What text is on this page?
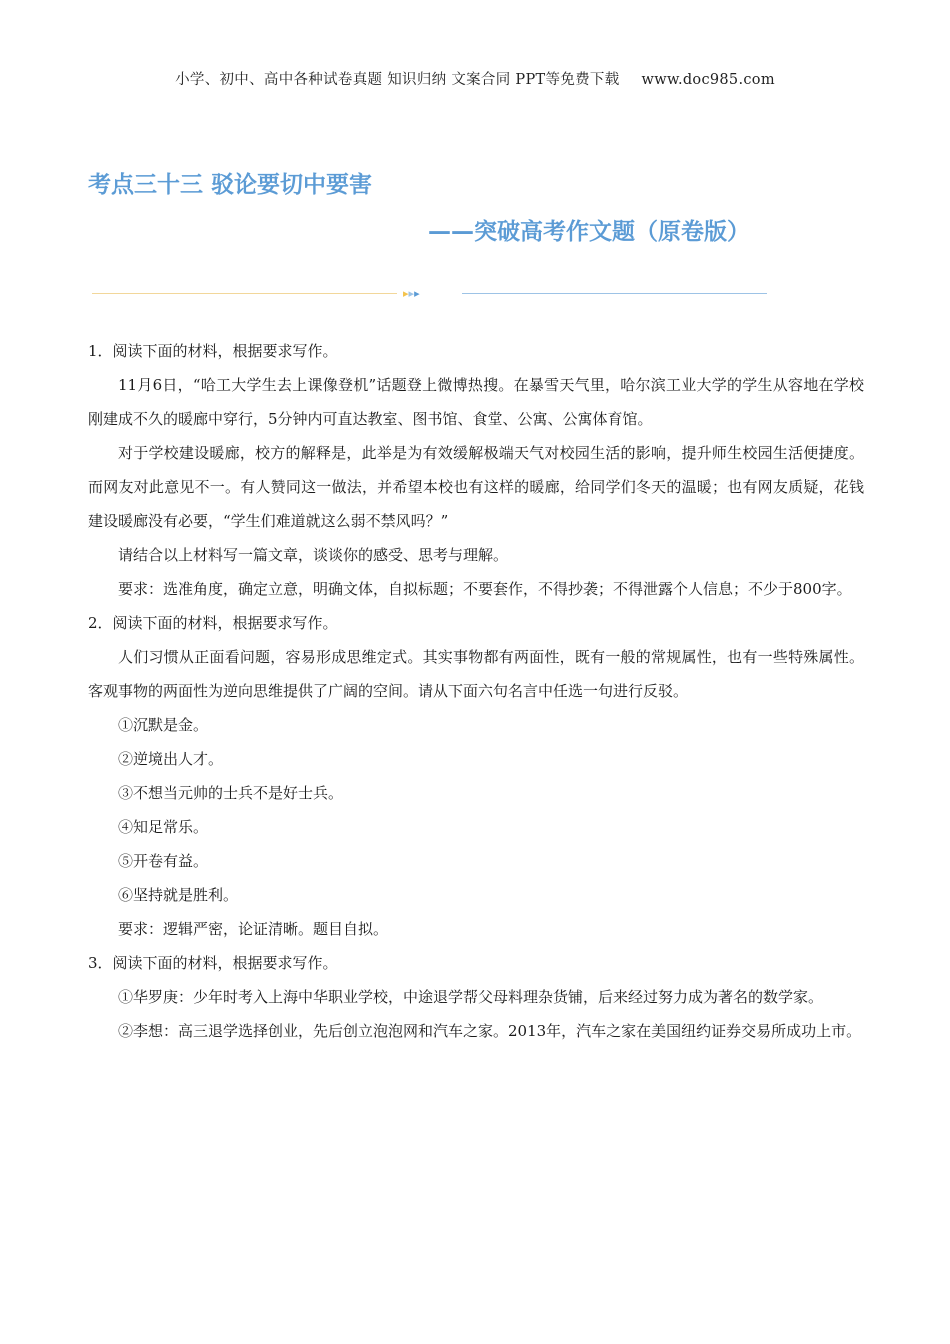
小学、初中、高中各种试卷真题 知识归纳 文案合同 PPT等免费下载 www.doc985.com
考点三十三 驳论要切中要害
——突破高考作文题（原卷版）
▸▸▸

1．阅读下面的材料，根据要求写作。

11月6日，“哈工大学生去上课像登机”话题登上微博热搜。在暴雪天气里，哈尔滨工业大学的学生从容地在学校刚建成不久的暖廊中穿行，5分钟内可直达教室、图书馆、食堂、公寓、公寓体育馆。

对于学校建设暖廊，校方的解释是，此举是为有效缓解极端天气对校园生活的影响，提升师生校园生活便捷度。而网友对此意见不一。有人赞同这一做法，并希望本校也有这样的暖廊，给同学们冬天的温暖；也有网友质疑，花钱建设暖廊没有必要，“学生们难道就这么弱不禁风吗？”

请结合以上材料写一篇文章，谈谈你的感受、思考与理解。

要求：选准角度，确定立意，明确文体，自拟标题；不要套作，不得抄袭；不得泄露个人信息；不少于800字。

2．阅读下面的材料，根据要求写作。

人们习惯从正面看问题，容易形成思维定式。其实事物都有两面性，既有一般的常规属性，也有一些特殊属性。客观事物的两面性为逆向思维提供了广阔的空间。请从下面六句名言中任选一句进行反驳。

①沉默是金。

②逆境出人才。

③不想当元帅的士兵不是好士兵。

④知足常乐。

⑤开卷有益。

⑥坚持就是胜利。

要求：逻辑严密，论证清晰。题目自拟。

3．阅读下面的材料，根据要求写作。

①华罗庚：少年时考入上海中华职业学校，中途退学帮父母料理杂货铺，后来经过努力成为著名的数学家。

②李想：高三退学选择创业，先后创立泡泡网和汽车之家。2013年，汽车之家在美国纽约证券交易所成功上市。
